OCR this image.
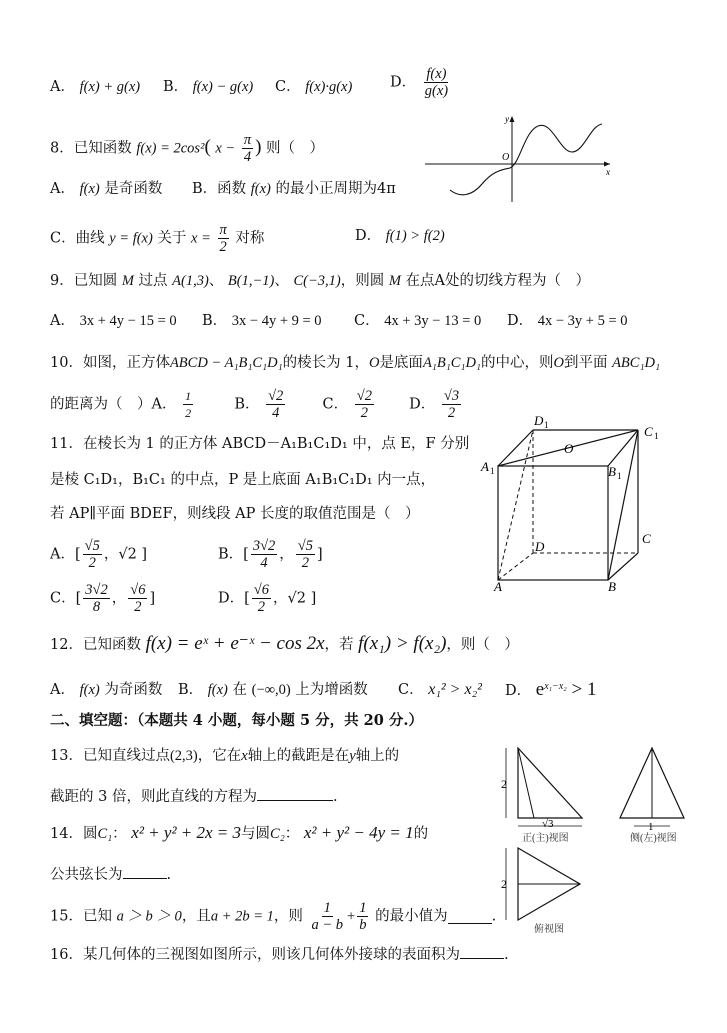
A． f(x) + g(x) B． f(x) − g(x) C． f(x)·g(x)	D． $\frac{f(x)}{g(x)}$
8．已知函数 f(x) = 2cos²( $x - \frac{\pi}{4}$ ) 则（　）
y
O
x
A． f(x) 是奇函数 B．函数 f(x) 的最小正周期为4π
C．曲线 y = f(x) 关于 $x = \frac{\pi}{2}$ 对称	D． f(1) > f(2)
9．已知圆 M 过点 A(1,3)、 B(1,−1)、 C(−3,1)，则圆 M 在点A处的切线方程为（　）
A． 3x + 4y − 15 = 0 B． 3x − 4y + 9 = 0 C． 4x + 3y − 13 = 0 D． 4x − 3y + 5 = 0
10．如图，正方体ABCD − A₁B₁C₁D₁的棱长为 1，O是底面A₁B₁C₁D₁的中心，则O到平面 ABC₁D₁
的距离为（　）A． $\frac{1}{2}$	B． $\frac{√2}{4}$	C． $\frac{√2}{2}$ D． $\frac{√3}{2}$
11．在棱长为 1 的正方体 ABCD－A₁B₁C₁D₁ 中，点 E，F 分别
是棱 C₁D₁，B₁C₁ 的中点，P 是上底面 A₁B₁C₁D₁ 内一点，
若 AP∥平面 BDEF，则线段 AP 长度的取值范围是（　）
A．[ $\frac{√5}{2}$ ，√2 ]	B．[ $\frac{3√2}{4}$ ， $\frac{√5}{2}$ ]
C．[ $\frac{3√2}{8}$ ， $\frac{√6}{2}$ ]	D．[ $\frac{√6}{2}$ ，√2 ]
D 1	C 1
A 1	B 1
O
D
C
A	B
12．已知函数 f(x) = eˣ + e⁻ˣ − cos 2x，若 f(x₁) > f(x₂)，则（　）
A． f(x) 为奇函数 B． f(x) 在 (−∞,0) 上为增函数 C． x₁² > x₂² D． $e^{x_1-x_2} > 1$
二、填空题：（本题共 4 小题，每小题 5 分，共 20 分.）
13．已知直线过点(2,3)，它在x轴上的截距是在y轴上的
截距的 3 倍，则此直线的方程为	.
14．圆C₁： x² + y² + 2x = 3与圆C₂： x² + y² − 4y = 1的
公共弦长为	.
15．已知 a ＞ b ＞ 0，且a + 2b = 1，则 $\frac{1}{a - b} + \frac{1}{b}$ 的最小值为	.
16．某几何体的三视图如图所示，则该几何体外接球的表面积为	.
2
√3
正(主)视图
1
侧(左)视图
2
俯视图
